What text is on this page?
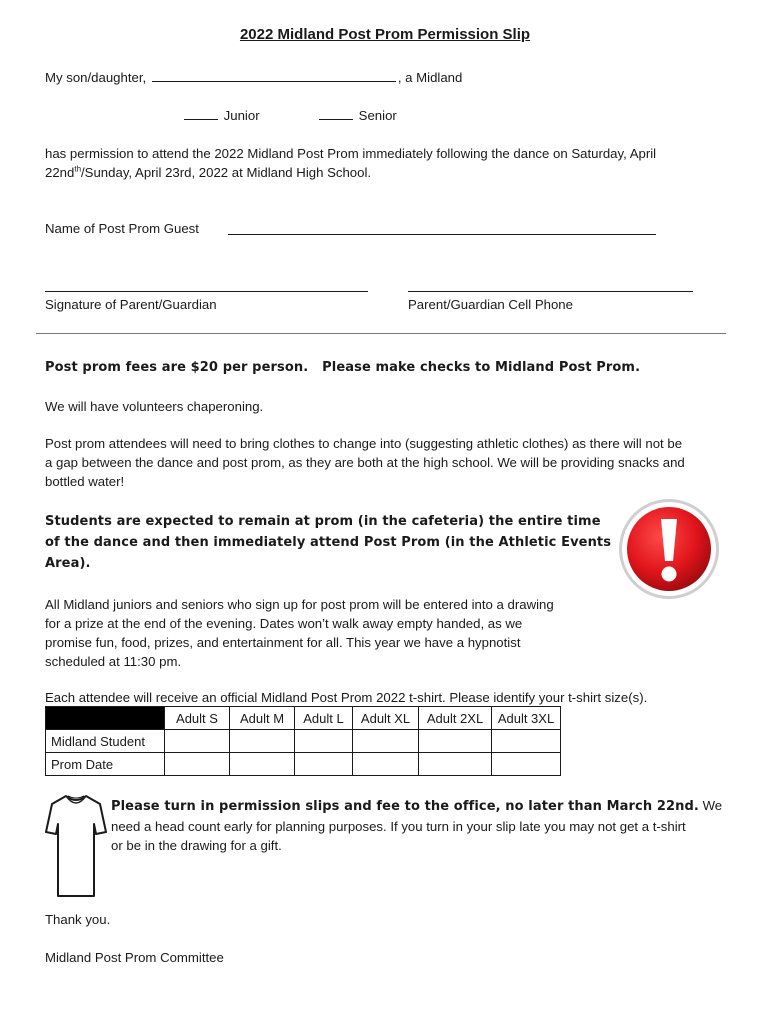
2022 Midland Post Prom Permission Slip
My son/daughter,	, a Midland
Junior	Senior
has permission to attend the 2022 Midland Post Prom immediately following the dance on Saturday, April
$22nd^{th}$/Sunday, April 23rd, 2022 at Midland High School.
Name of Post Prom Guest
Signature of Parent/Guardian	Parent/Guardian Cell Phone
Post prom fees are $20 per person.   Please make checks to Midland Post Prom.
We will have volunteers chaperoning.
Post prom attendees will need to bring clothes to change into (suggesting athletic clothes) as there will not be
a gap between the dance and post prom, as they are both at the high school. We will be providing snacks and
bottled water!
Students are expected to remain at prom (in the cafeteria) the entire time
of the dance and then immediately attend Post Prom (in the Athletic Events
Area).
All Midland juniors and seniors who sign up for post prom will be entered into a drawing
for a prize at the end of the evening. Dates won’t walk away empty handed, as we
promise fun, food, prizes, and entertainment for all. This year we have a hypnotist
scheduled at 11:30 pm.
Each attendee will receive an official Midland Post Prom 2022 t-shirt. Please identify your t-shirt size(s).
	Adult S	Adult M	Adult L	Adult XL	Adult 2XL	Adult 3XL
Midland Student						
Prom Date						
Please turn in permission slips and fee to the office, no later than March 22nd. We
need a head count early for planning purposes. If you turn in your slip late you may not get a t-shirt
or be in the drawing for a gift.
Thank you.
Midland Post Prom Committee
